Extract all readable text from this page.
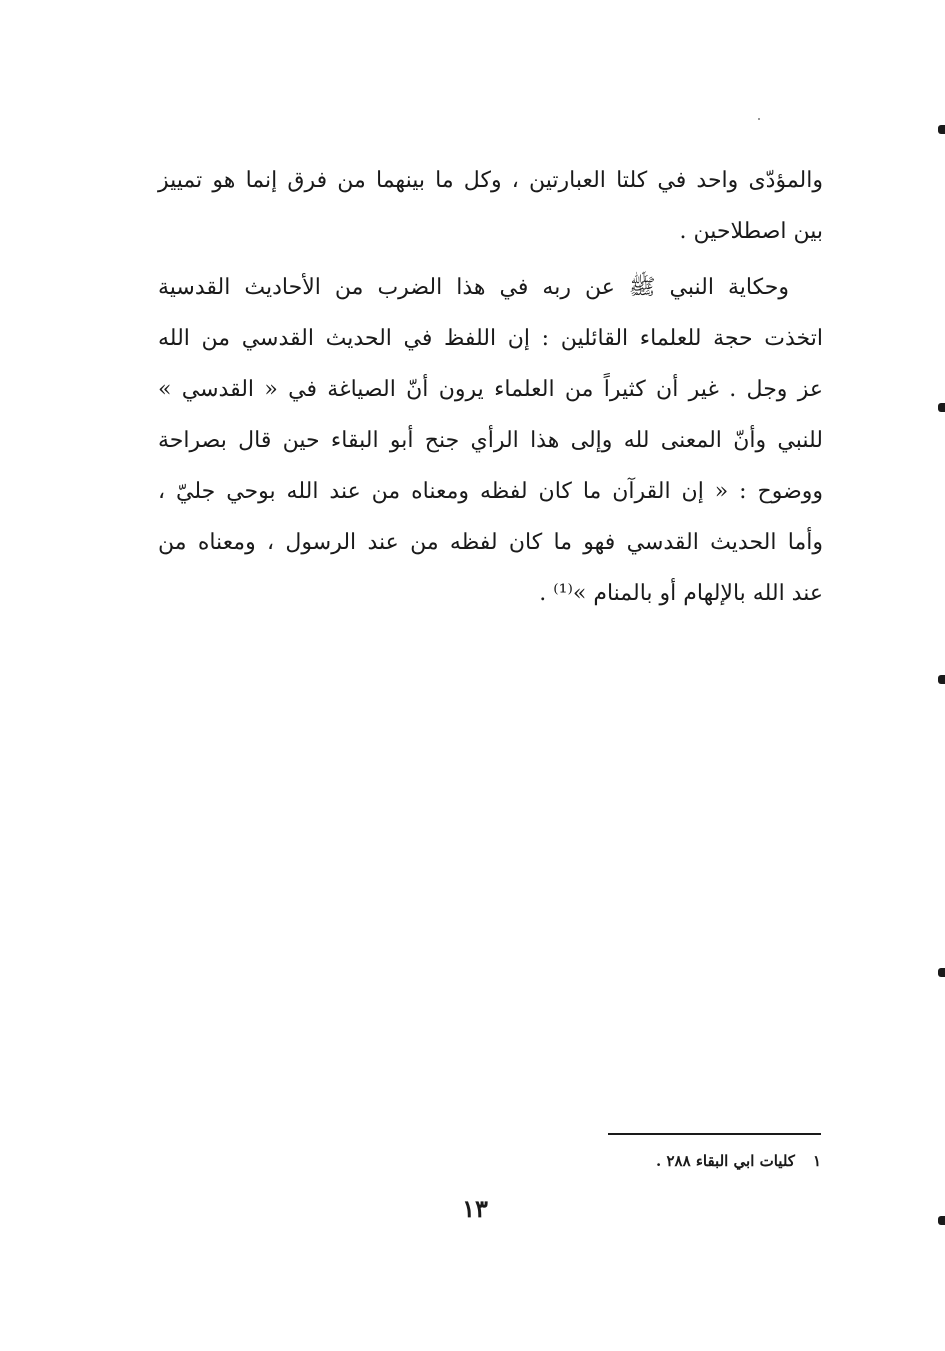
والمؤدّى واحد في كلتا العبارتين ، وكل ما بينهما من فرق إنما هو تمييز
بين اصطلاحين .
وحكاية النبي ﷺ عن ربه في هذا الضرب من الأحاديث القدسية
اتخذت حجة للعلماء القائلين : إن اللفظ في الحديث القدسي من الله
عز وجل . غير أن كثيراً من العلماء يرون أنّ الصياغة في « القدسي »
للنبي وأنّ المعنى لله وإلى هذا الرأي جنح أبو البقاء حين قال بصراحة
ووضوح : « إن القرآن ما كان لفظه ومعناه من عند الله بوحي جليّ ،
وأما الحديث القدسي فهو ما كان لفظه من عند الرسول ، ومعناه من
عند الله بالإلهام أو بالمنام »⁽¹⁾ .
١كليات ابي البقاء ٢٨٨ .
١٣
